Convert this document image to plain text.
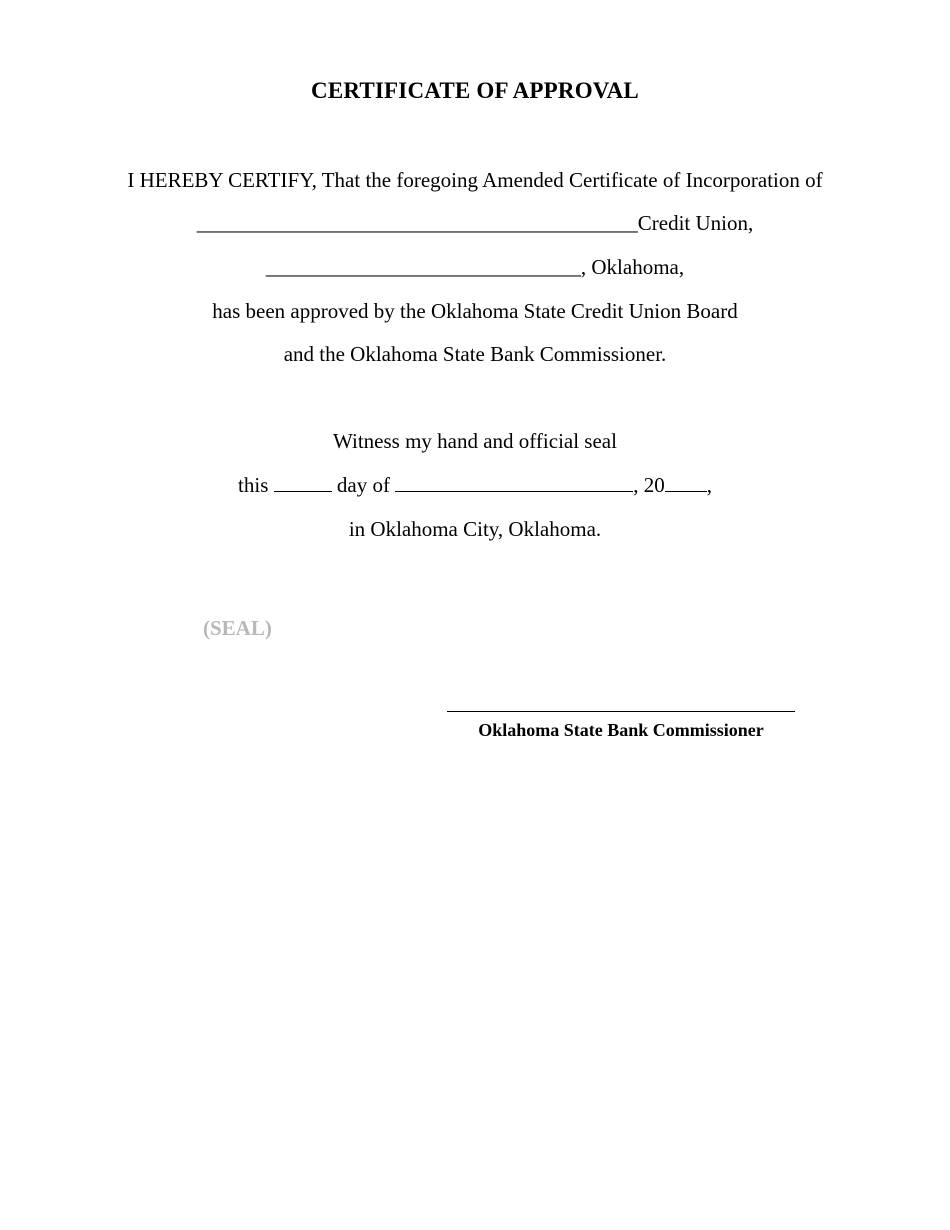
CERTIFICATE OF APPROVAL
I HEREBY CERTIFY, That the foregoing Amended Certificate of Incorporation of
__________________________________________Credit Union,
______________________________, Oklahoma,
has been approved by the Oklahoma State Credit Union Board
and the Oklahoma State Bank Commissioner.
Witness my hand and official seal
this	day of	, 20 ,
in Oklahoma City, Oklahoma.
(SEAL)
Oklahoma State Bank Commissioner
